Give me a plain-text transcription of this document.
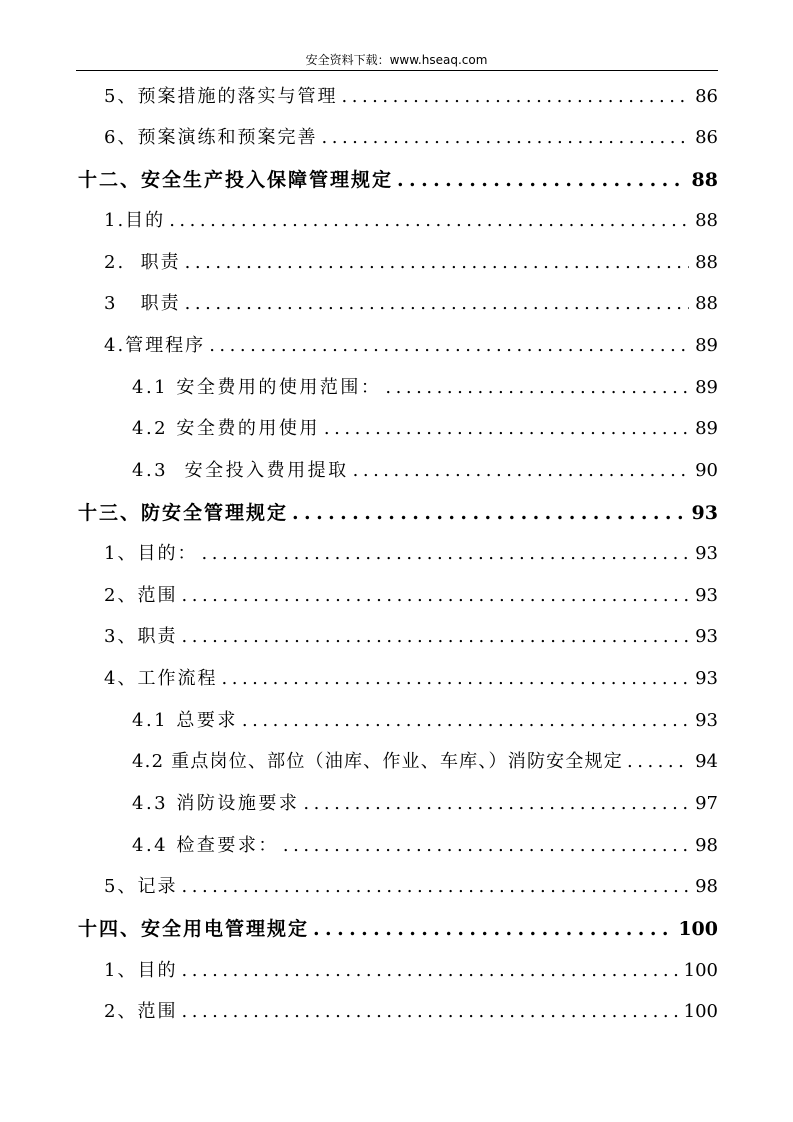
安全资料下载：www.hseaq.com
5、预案措施的落实与管理 . . .	86
6、预案演练和预案完善 . . .	86
十二、安全生产投入保障管理规定 . . .	88
1.目的 . . .	88
2.  职责 . . .	88
3   职责 . . .	88
4.管理程序 . . .	89
4.1 安全费用的使用范围： . . .	89
4.2 安全费的用使用 . . .	89
4.3  安全投入费用提取 . . .	90
十三、防安全管理规定 . . .	93
1、目的： . . .	93
2、范围 . . .	93
3、职责 . . .	93
4、工作流程 . . .	93
4.1 总要求 . . .	93
4.2 重点岗位、部位（油库、作业、车库、）消防安全规定 . . .	94
4.3 消防设施要求 . . .	97
4.4 检查要求： . . .	98
5、记录 . . .	98
十四、安全用电管理规定 . . .	100
1、目的 . . .	100
2、范围 . . .	100
